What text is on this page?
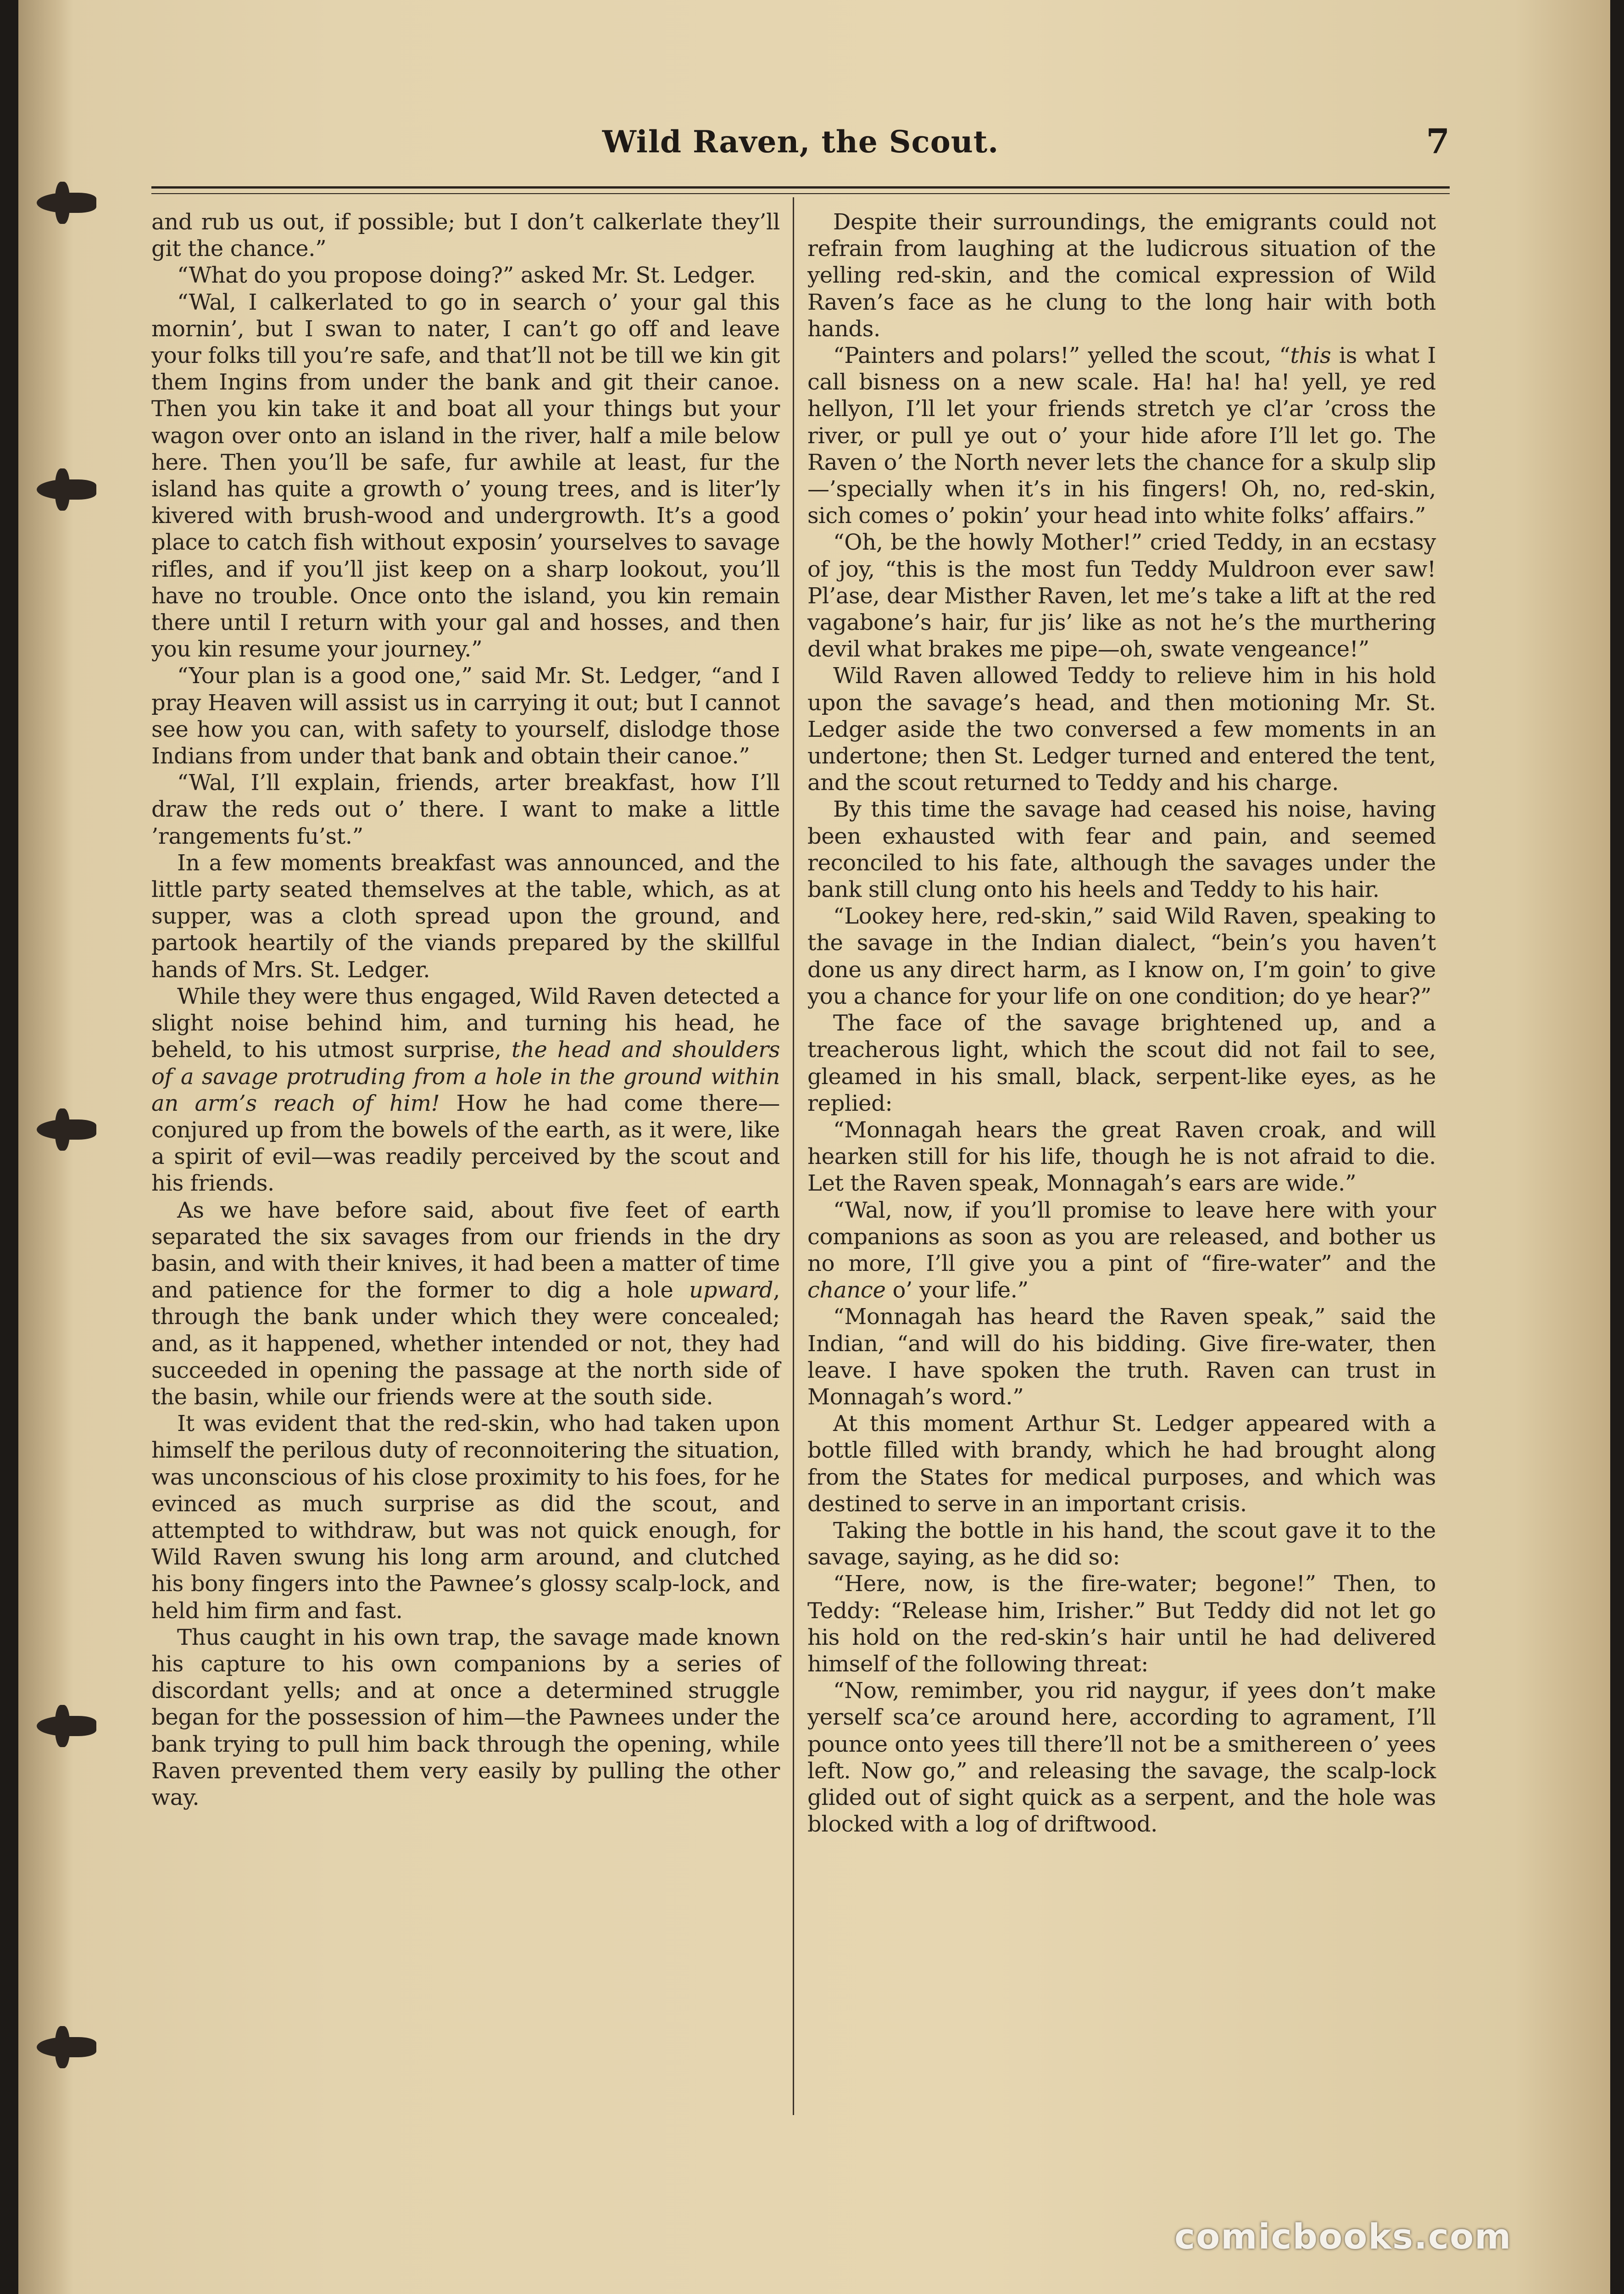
Wild Raven, the Scout.	7

and rub us out, if possible; but I don’t calkerlate they’ll git the chance.”

“What do you propose doing?” asked Mr. St. Ledger.

“Wal, I calkerlated to go in search o’ your gal this mornin’, but I swan to nater, I can’t go off and leave your folks till you’re safe, and that’ll not be till we kin git them Ingins from under the bank and git their canoe. Then you kin take it and boat all your things but your wagon over onto an island in the river, half a mile below here. Then you’ll be safe, fur awhile at least, fur the island has quite a growth o’ young trees, and is liter’ly kivered with brush-wood and undergrowth. It’s a good place to catch fish without exposin’ yourselves to savage rifles, and if you’ll jist keep on a sharp lookout, you’ll have no trouble. Once onto the island, you kin remain there until I return with your gal and hosses, and then you kin resume your journey.”

“Your plan is a good one,” said Mr. St. Ledger, “and I pray Heaven will assist us in carrying it out; but I cannot see how you can, with safety to yourself, dislodge those Indians from under that bank and obtain their canoe.”

“Wal, I’ll explain, friends, arter breakfast, how I’ll draw the reds out o’ there. I want to make a little ’rangements fu’st.”

In a few moments breakfast was announced, and the little party seated themselves at the table, which, as at supper, was a cloth spread upon the ground, and partook heartily of the viands prepared by the skillful hands of Mrs. St. Ledger.

While they were thus engaged, Wild Raven detected a slight noise behind him, and turning his head, he beheld, to his utmost surprise, the head and shoulders of a savage protruding from a hole in the ground within an arm’s reach of him! How he had come there—conjured up from the bowels of the earth, as it were, like a spirit of evil—was readily perceived by the scout and his friends.

As we have before said, about five feet of earth separated the six savages from our friends in the dry basin, and with their knives, it had been a matter of time and patience for the former to dig a hole upward, through the bank under which they were concealed; and, as it happened, whether intended or not, they had succeeded in opening the passage at the north side of the basin, while our friends were at the south side.

It was evident that the red-skin, who had taken upon himself the perilous duty of reconnoitering the situation, was unconscious of his close proximity to his foes, for he evinced as much surprise as did the scout, and attempted to withdraw, but was not quick enough, for Wild Raven swung his long arm around, and clutched his bony fingers into the Pawnee’s glossy scalp-lock, and held him firm and fast.

Thus caught in his own trap, the savage made known his capture to his own companions by a series of discordant yells; and at once a determined struggle began for the possession of him—the Pawnees under the bank trying to pull him back through the opening, while Raven prevented them very easily by pulling the other way.

Despite their surroundings, the emigrants could not refrain from laughing at the ludicrous situation of the yelling red-skin, and the comical expression of Wild Raven’s face as he clung to the long hair with both hands.

“Painters and polars!” yelled the scout, “this is what I call bisness on a new scale. Ha! ha! ha! yell, ye red hellyon, I’ll let your friends stretch ye cl’ar ’cross the river, or pull ye out o’ your hide afore I’ll let go. The Raven o’ the North never lets the chance for a skulp slip—’specially when it’s in his fingers! Oh, no, red-skin, sich comes o’ pokin’ your head into white folks’ affairs.”

“Oh, be the howly Mother!” cried Teddy, in an ecstasy of joy, “this is the most fun Teddy Muldroon ever saw! Pl’ase, dear Misther Raven, let me’s take a lift at the red vagabone’s hair, fur jis’ like as not he’s the murthering devil what brakes me pipe—oh, swate vengeance!”

Wild Raven allowed Teddy to relieve him in his hold upon the savage’s head, and then motioning Mr. St. Ledger aside the two conversed a few moments in an undertone; then St. Ledger turned and entered the tent, and the scout returned to Teddy and his charge.

By this time the savage had ceased his noise, having been exhausted with fear and pain, and seemed reconciled to his fate, although the savages under the bank still clung onto his heels and Teddy to his hair.

“Lookey here, red-skin,” said Wild Raven, speaking to the savage in the Indian dialect, “bein’s you haven’t done us any direct harm, as I know on, I’m goin’ to give you a chance for your life on one condition; do ye hear?”

The face of the savage brightened up, and a treacherous light, which the scout did not fail to see, gleamed in his small, black, serpent-like eyes, as he replied:

“Monnagah hears the great Raven croak, and will hearken still for his life, though he is not afraid to die. Let the Raven speak, Monnagah’s ears are wide.”

“Wal, now, if you’ll promise to leave here with your companions as soon as you are released, and bother us no more, I’ll give you a pint of “fire-water” and the chance o’ your life.”

“Monnagah has heard the Raven speak,” said the Indian, “and will do his bidding. Give fire-water, then leave. I have spoken the truth. Raven can trust in Monnagah’s word.”

At this moment Arthur St. Ledger appeared with a bottle filled with brandy, which he had brought along from the States for medical purposes, and which was destined to serve in an important crisis.

Taking the bottle in his hand, the scout gave it to the savage, saying, as he did so:

“Here, now, is the fire-water; begone!” Then, to Teddy: “Release him, Irisher.” But Teddy did not let go his hold on the red-skin’s hair until he had delivered himself of the following threat:

“Now, remimber, you rid naygur, if yees don’t make yerself sca’ce around here, according to agrament, I’ll pounce onto yees till there’ll not be a smithereen o’ yees left. Now go,” and releasing the savage, the scalp-lock glided out of sight quick as a serpent, and the hole was blocked with a log of driftwood.

comicbooks.com
